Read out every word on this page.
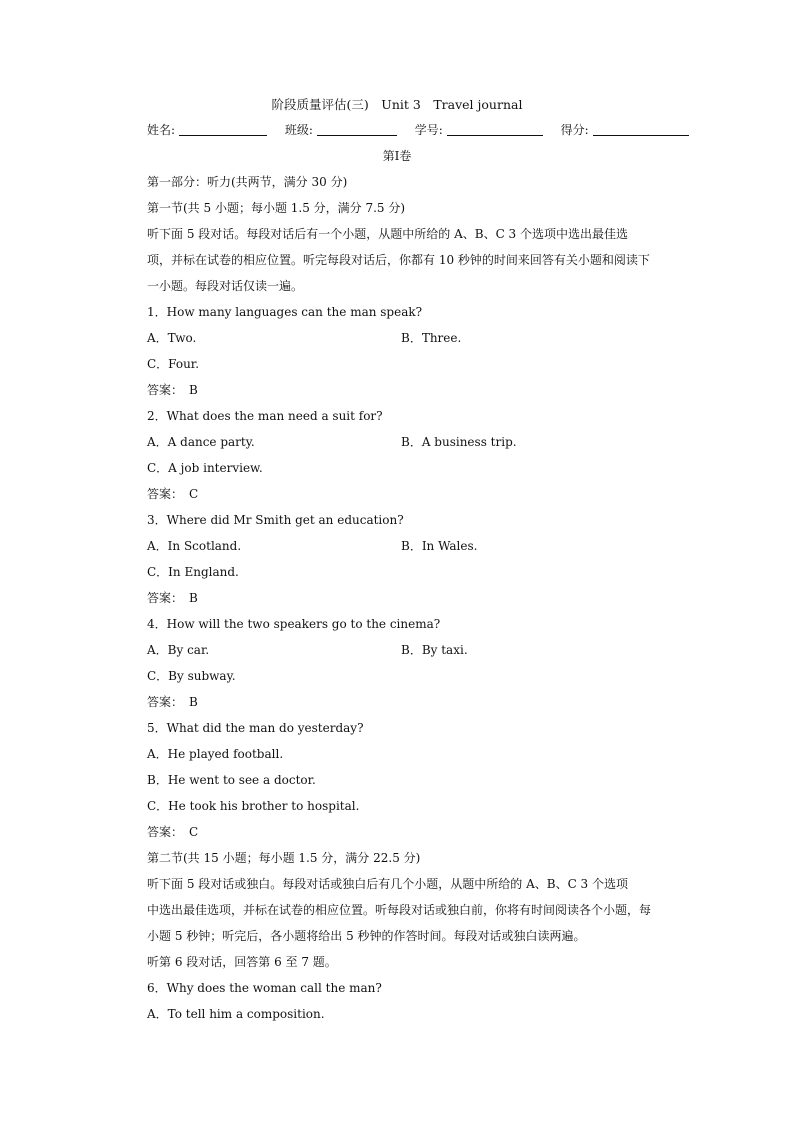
阶段质量评估(三)　Unit 3　Travel journal
姓名:	班级:	学号:	得分:
第Ⅰ卷
第一部分：听力(共两节，满分 30 分)
第一节(共 5 小题；每小题 1.5 分，满分 7.5 分)
听下面 5 段对话。每段对话后有一个小题，从题中所给的 A、B、C 3 个选项中选出最佳选
项，并标在试卷的相应位置。听完每段对话后，你都有 10 秒钟的时间来回答有关小题和阅读下
一小题。每段对话仅读一遍。
1．How many languages can the man speak?
A．Two.	B．Three.
C．Four.
答案：　B
2．What does the man need a suit for?
A．A dance party.	B．A business trip.
C．A job interview.
答案：　C
3．Where did Mr Smith get an education?
A．In Scotland.	B．In Wales.
C．In England.
答案：　B
4．How will the two speakers go to the cinema?
A．By car.	B．By taxi.
C．By subway.
答案：　B
5．What did the man do yesterday?
A．He played football.
B．He went to see a doctor.
C．He took his brother to hospital.
答案：　C
第二节(共 15 小题；每小题 1.5 分，满分 22.5 分)
听下面 5 段对话或独白。每段对话或独白后有几个小题，从题中所给的 A、B、C 3 个选项
中选出最佳选项，并标在试卷的相应位置。听每段对话或独白前，你将有时间阅读各个小题，每
小题 5 秒钟；听完后，各小题将给出 5 秒钟的作答时间。每段对话或独白读两遍。
听第 6 段对话，回答第 6 至 7 题。
6．Why does the woman call the man?
A．To tell him a composition.
